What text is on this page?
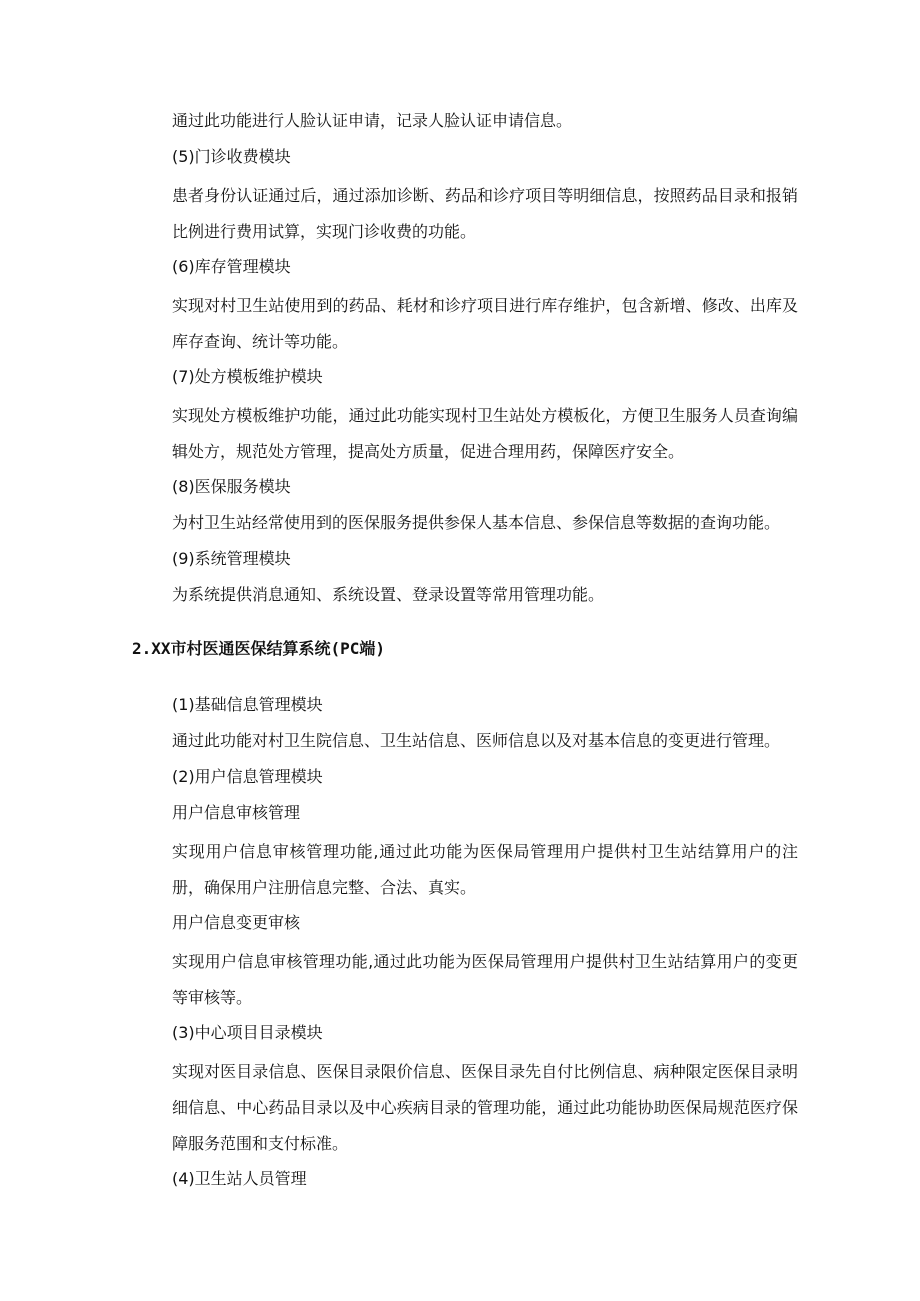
通过此功能进行人脸认证申请，记录人脸认证申请信息。
(5)门诊收费模块
患者身份认证通过后，通过添加诊断、药品和诊疗项目等明细信息，按照药品目录和报销比例进行费用试算，实现门诊收费的功能。
(6)库存管理模块
实现对村卫生站使用到的药品、耗材和诊疗项目进行库存维护，包含新增、修改、出库及库存查询、统计等功能。
(7)处方模板维护模块
实现处方模板维护功能，通过此功能实现村卫生站处方模板化，方便卫生服务人员查询编辑处方，规范处方管理，提高处方质量，促进合理用药，保障医疗安全。
(8)医保服务模块
为村卫生站经常使用到的医保服务提供参保人基本信息、参保信息等数据的查询功能。
(9)系统管理模块
为系统提供消息通知、系统设置、登录设置等常用管理功能。
2.XX市村医通医保结算系统(PC端)
(1)基础信息管理模块
通过此功能对村卫生院信息、卫生站信息、医师信息以及对基本信息的变更进行管理。
(2)用户信息管理模块
用户信息审核管理
实现用户信息审核管理功能,通过此功能为医保局管理用户提供村卫生站结算用户的注册，确保用户注册信息完整、合法、真实。
用户信息变更审核
实现用户信息审核管理功能,通过此功能为医保局管理用户提供村卫生站结算用户的变更等审核等。
(3)中心项目目录模块
实现对医目录信息、医保目录限价信息、医保目录先自付比例信息、病种限定医保目录明细信息、中心药品目录以及中心疾病目录的管理功能，通过此功能协助医保局规范医疗保障服务范围和支付标准。
(4)卫生站人员管理
